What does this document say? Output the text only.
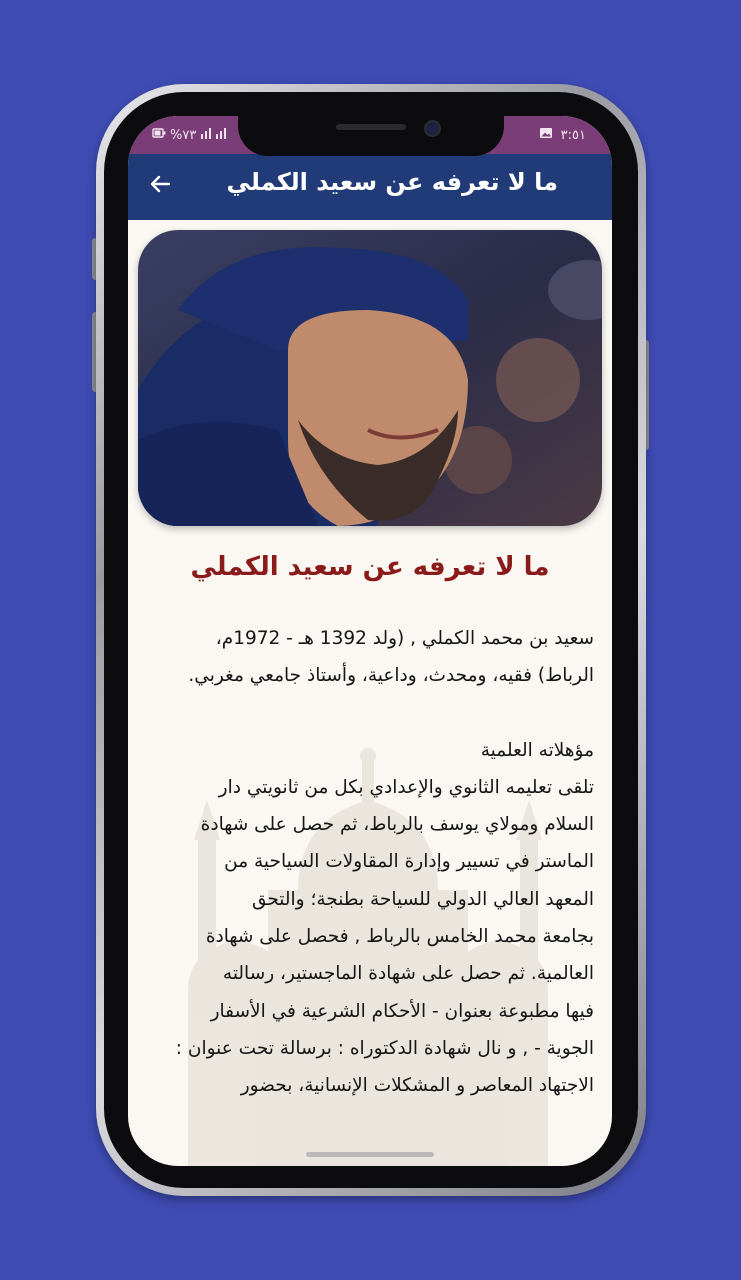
%٧٣	٣:٥١
ما لا تعرفه عن سعيد الكملي
ما لا تعرفه عن سعيد الكملي

سعيد بن محمد الكملي , (ولد 1392 هـ - 1972م،

الرباط) فقيه، ومحدث، وداعية، وأستاذ جامعي مغربي.

مؤهلاته العلمية

تلقى تعليمه الثانوي والإعدادي بكل من ثانويتي دار

السلام ومولاي يوسف بالرباط، ثم حصل على شهادة

الماستر في تسيير وإدارة المقاولات السياحية من

المعهد العالي الدولي للسياحة بطنجة؛ والتحق

بجامعة محمد الخامس بالرباط , فحصل على شهادة

العالمية. ثم حصل على شهادة الماجستير، رسالته

فيها مطبوعة بعنوان - الأحكام الشرعية في الأسفار

الجوية - , و نال شهادة الدكتوراه : برسالة تحت عنوان :

الاجتهاد المعاصر و المشكلات الإنسانية، بحضور
